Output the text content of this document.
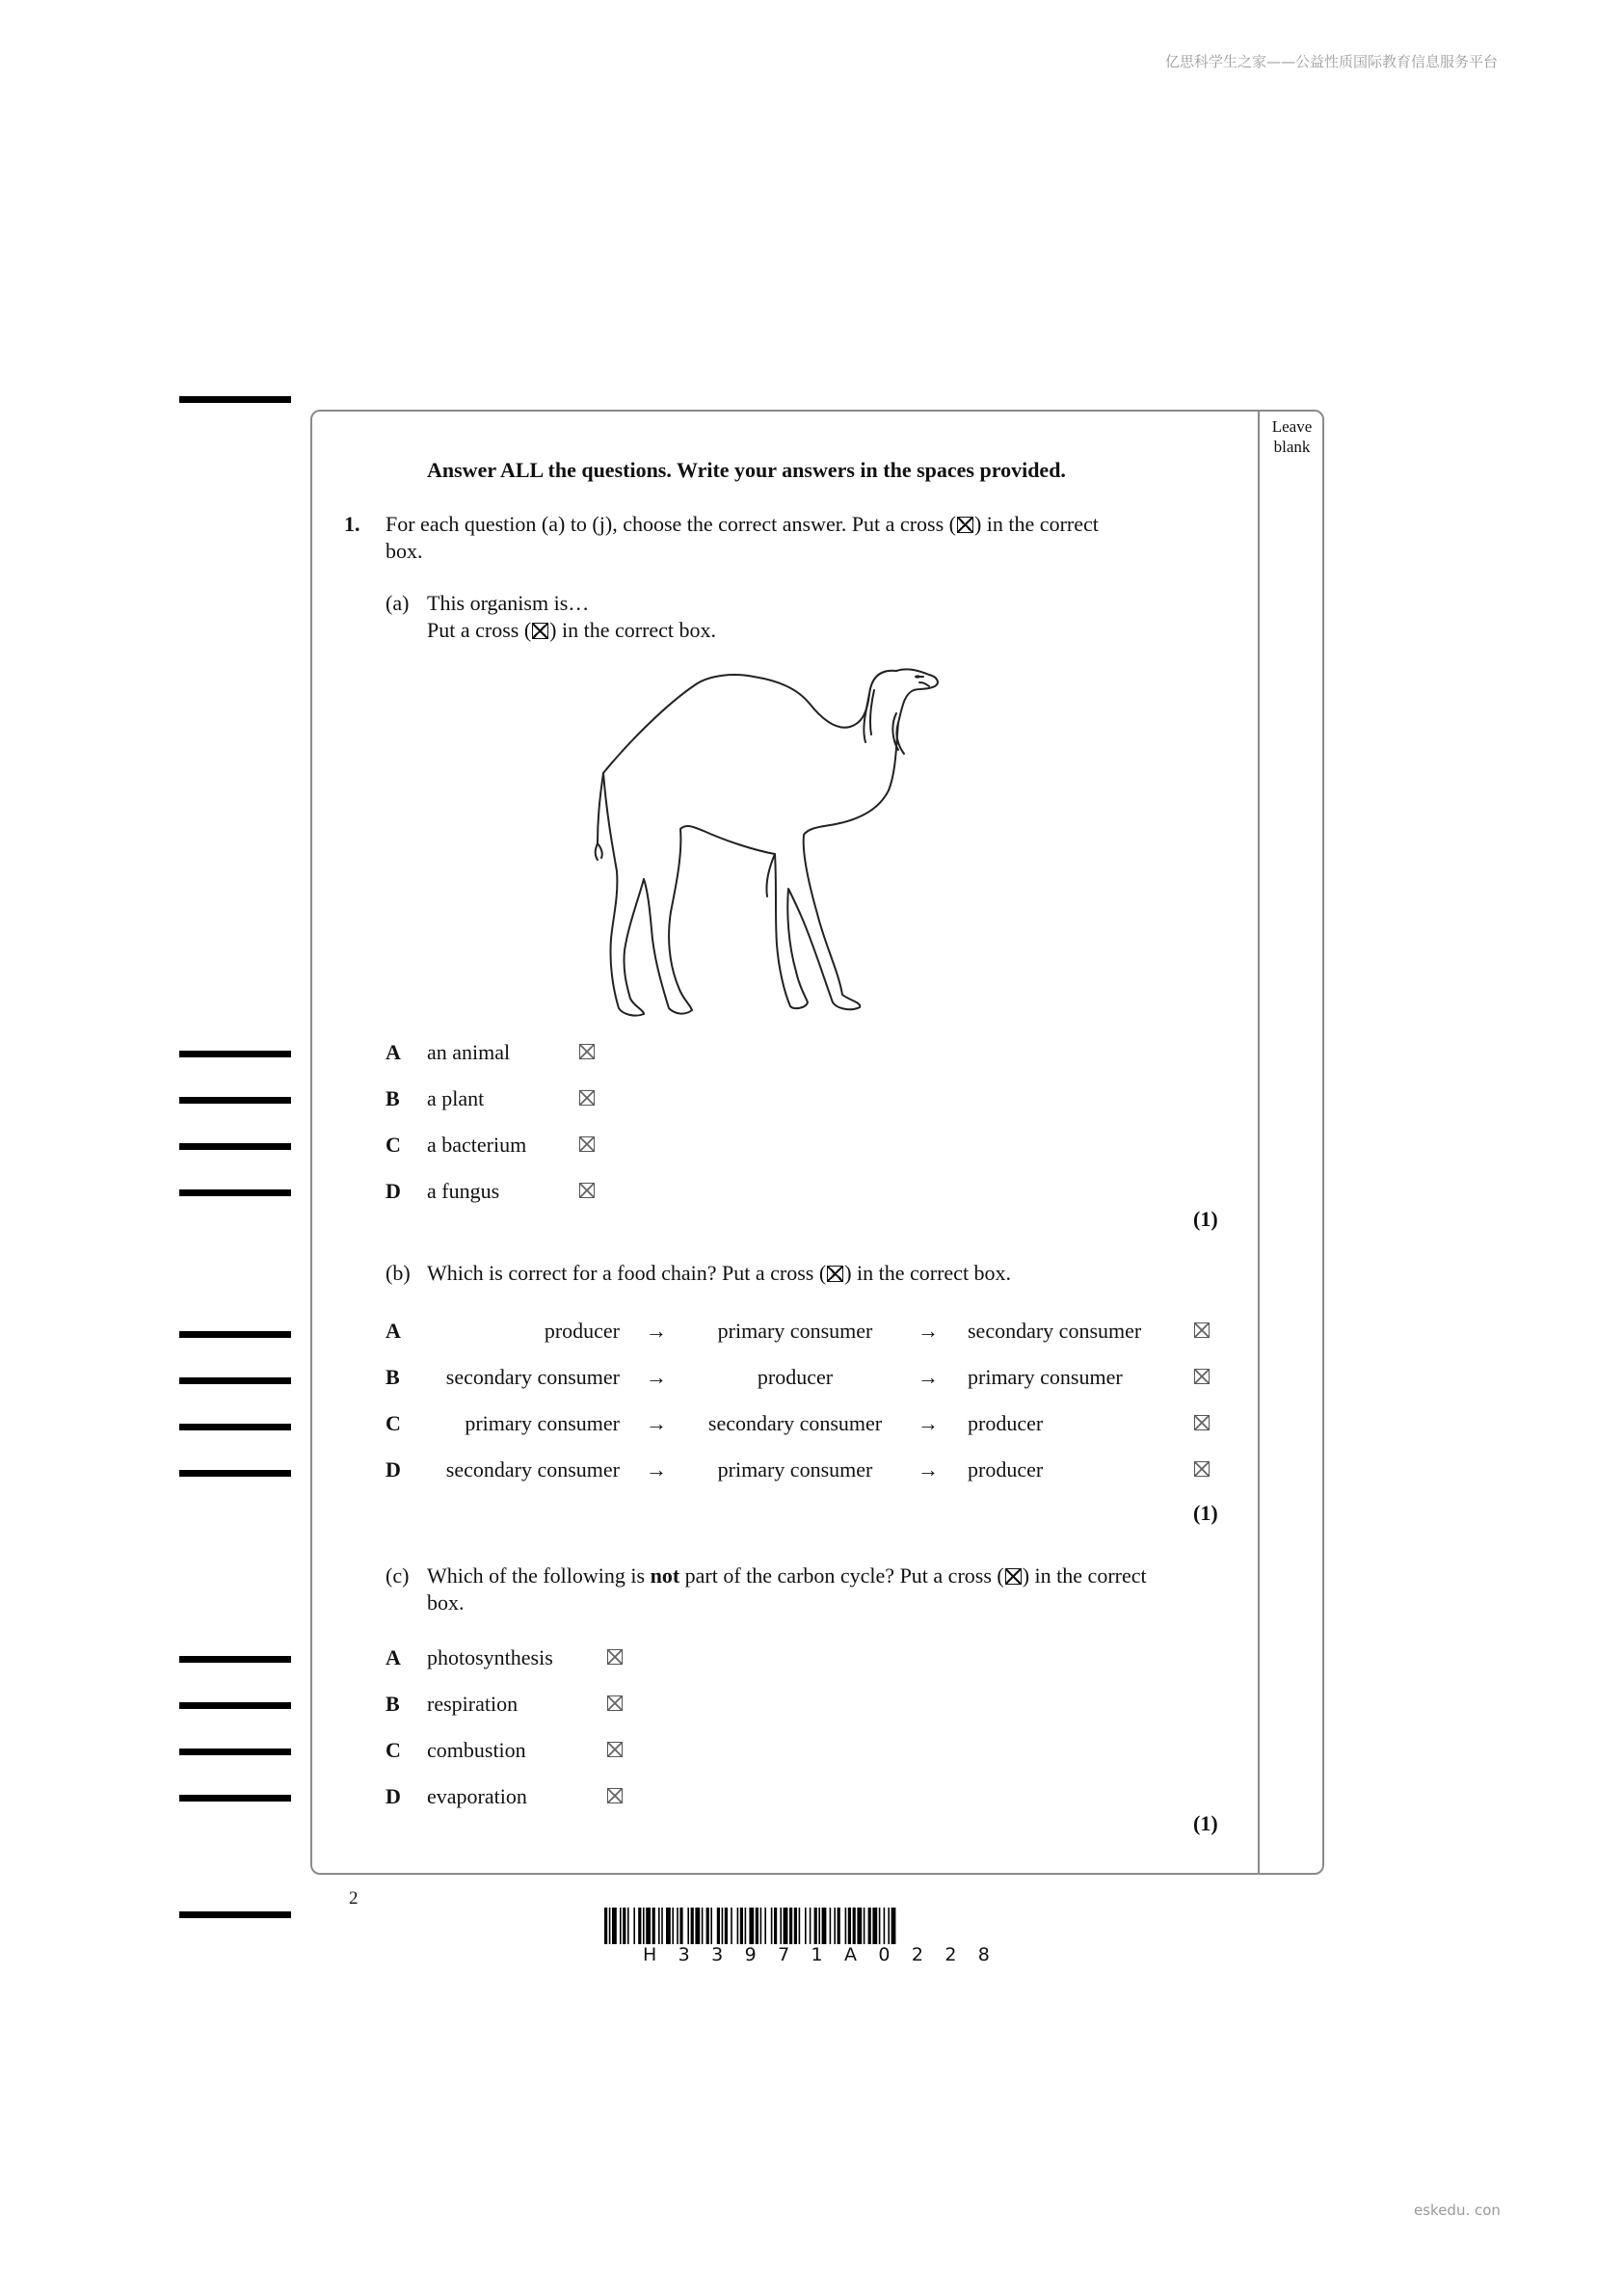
亿思科学生之家——公益性质国际教育信息服务平台
eskedu. con
Leave
blank
Answer ALL the questions. Write your answers in the spaces provided.
1. For each question (a) to (j), choose the correct answer. Put a cross (☒) in the correct
box.
(a) This organism is…
Put a cross (☒) in the correct box.
A an animal
B a plant
C a bacterium
D a fungus
(1)
(b) Which is correct for a food chain? Put a cross (☒) in the correct box.
A	producer →	primary consumer	→ secondary consumer
B	secondary consumer →	producer	→ primary consumer
C	primary consumer →	secondary consumer	→ producer
D	secondary consumer →	primary consumer	→ producer
(1)
(c) Which of the following is not part of the carbon cycle? Put a cross (☒) in the correct
box.
A photosynthesis
B respiration
C combustion
D evaporation
(1)
2
H 3 3 9 7 1 A 0 2 2 8
